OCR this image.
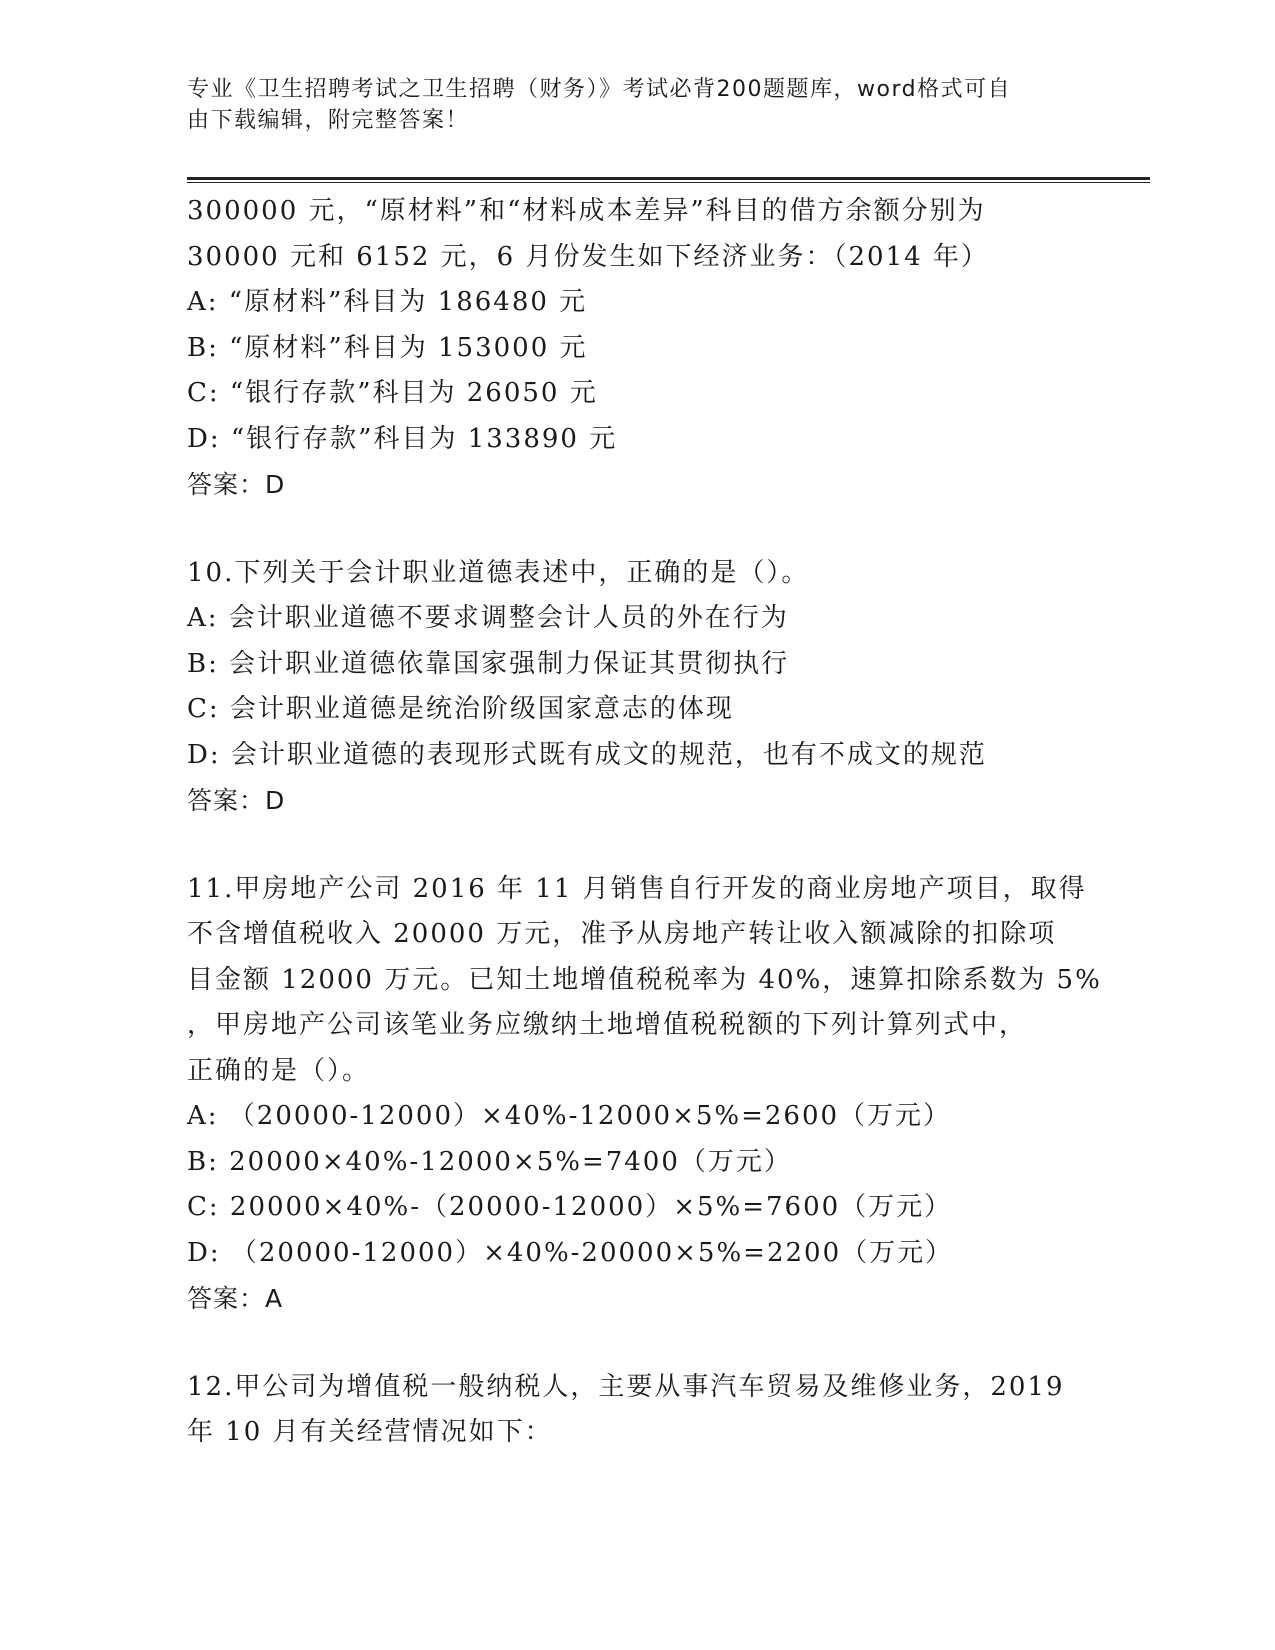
专业《卫生招聘考试之卫生招聘（财务）》考试必背200题题库，word格式可自
由下载编辑，附完整答案！
300000 元，“原材料”和“材料成本差异”科目的借方余额分别为
30000 元和 6152 元，6 月份发生如下经济业务：（2014 年）
A: “原材料”科目为 186480 元
B: “原材料”科目为 153000 元
C: “银行存款”科目为 26050 元
D: “银行存款”科目为 133890 元
答案：D
10.下列关于会计职业道德表述中，正确的是（）。
A: 会计职业道德不要求调整会计人员的外在行为
B: 会计职业道德依靠国家强制力保证其贯彻执行
C: 会计职业道德是统治阶级国家意志的体现
D: 会计职业道德的表现形式既有成文的规范，也有不成文的规范
答案：D
11.甲房地产公司 2016 年 11 月销售自行开发的商业房地产项目，取得
不含增值税收入 20000 万元，准予从房地产转让收入额减除的扣除项
目金额 12000 万元。已知土地增值税税率为 40%，速算扣除系数为 5%
，甲房地产公司该笔业务应缴纳土地增值税税额的下列计算列式中，
正确的是（）。
A: （20000-12000）×40%-12000×5%=2600（万元）
B: 20000×40%-12000×5%=7400（万元）
C: 20000×40%-（20000-12000）×5%=7600（万元）
D: （20000-12000）×40%-20000×5%=2200（万元）
答案：A
12.甲公司为增值税一般纳税人，主要从事汽车贸易及维修业务，2019
年 10 月有关经营情况如下：
